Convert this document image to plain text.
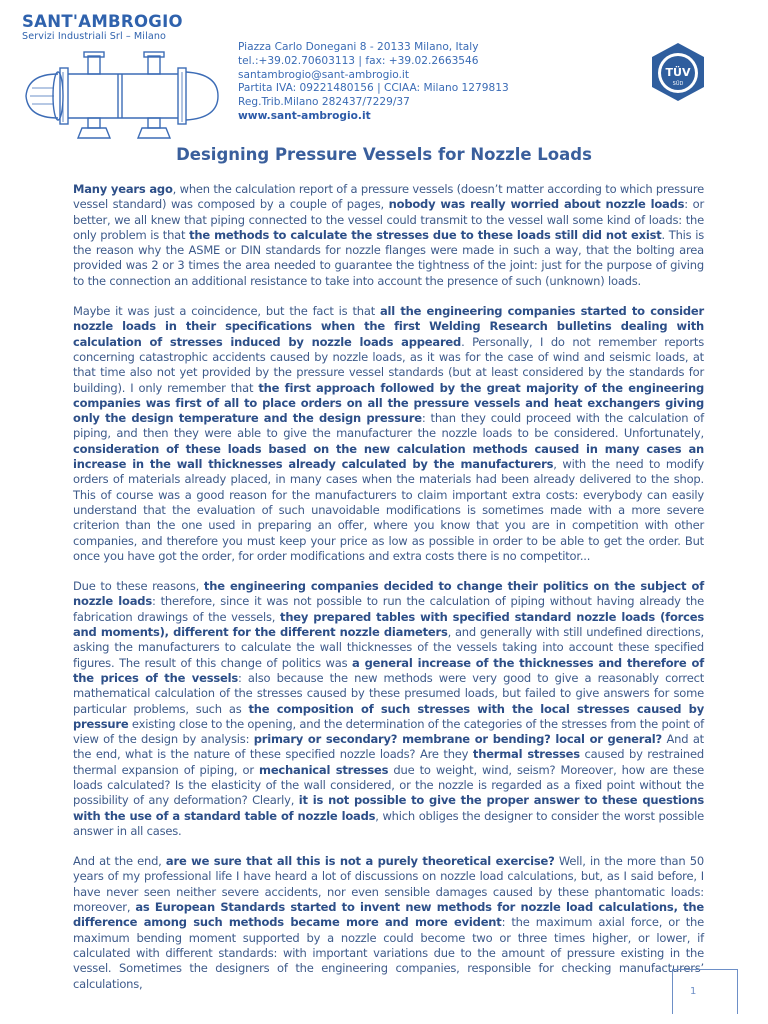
SANT'AMBROGIO
Servizi Industriali Srl – Milano
Piazza Carlo Donegani 8 - 20133 Milano, Italy
tel.:+39.02.70603113 | fax: +39.02.2663546
santambrogio@sant-ambrogio.it
Partita IVA: 09221480156 | CCIAA: Milano 1279813
Reg.Trib.Milano 282437/7229/37
www.sant-ambrogio.it
TÜV
SÜD
Designing Pressure Vessels for Nozzle Loads

Many years ago, when the calculation report of a pressure vessels (doesn’t matter according to which pressure vessel standard) was composed by a couple of pages, nobody was really worried about nozzle loads: or better, we all knew that piping connected to the vessel could transmit to the vessel wall some kind of loads: the only problem is that the methods to calculate the stresses due to these loads still did not exist. This is the reason why the ASME or DIN standards for nozzle flanges were made in such a way, that the bolting area provided was 2 or 3 times the area needed to guarantee the tightness of the joint: just for the purpose of giving to the connection an additional resistance to take into account the presence of such (unknown) loads.

Maybe it was just a coincidence, but the fact is that all the engineering companies started to consider nozzle loads in their specifications when the first Welding Research bulletins dealing with calculation of stresses induced by nozzle loads appeared. Personally, I do not remember reports concerning catastrophic accidents caused by nozzle loads, as it was for the case of wind and seismic loads, at that time also not yet provided by the pressure vessel standards (but at least considered by the standards for building). I only remember that the first approach followed by the great majority of the engineering companies was first of all to place orders on all the pressure vessels and heat exchangers giving only the design temperature and the design pressure: than they could proceed with the calculation of piping, and then they were able to give the manufacturer the nozzle loads to be considered. Unfortunately, consideration of these loads based on the new calculation methods caused in many cases an increase in the wall thicknesses already calculated by the manufacturers, with the need to modify orders of materials already placed, in many cases when the materials had been already delivered to the shop. This of course was a good reason for the manufacturers to claim important extra costs: everybody can easily understand that the evaluation of such unavoidable modifications is sometimes made with a more severe criterion than the one used in preparing an offer, where you know that you are in competition with other companies, and therefore you must keep your price as low as possible in order to be able to get the order. But once you have got the order, for order modifications and extra costs there is no competitor...

Due to these reasons, the engineering companies decided to change their politics on the subject of nozzle loads: therefore, since it was not possible to run the calculation of piping without having already the fabrication drawings of the vessels, they prepared tables with specified standard nozzle loads (forces and moments), different for the different nozzle diameters, and generally with still undefined directions, asking the manufacturers to calculate the wall thicknesses of the vessels taking into account these specified figures. The result of this change of politics was a general increase of the thicknesses and therefore of the prices of the vessels: also because the new methods were very good to give a reasonably correct mathematical calculation of the stresses caused by these presumed loads, but failed to give answers for some particular problems, such as the composition of such stresses with the local stresses caused by pressure existing close to the opening, and the determination of the categories of the stresses from the point of view of the design by analysis: primary or secondary? membrane or bending? local or general? And at the end, what is the nature of these specified nozzle loads? Are they thermal stresses caused by restrained thermal expansion of piping, or mechanical stresses due to weight, wind, seism? Moreover, how are these loads calculated? Is the elasticity of the wall considered, or the nozzle is regarded as a fixed point without the possibility of any deformation? Clearly, it is not possible to give the proper answer to these questions with the use of a standard table of nozzle loads, which obliges the designer to consider the worst possible answer in all cases.

And at the end, are we sure that all this is not a purely theoretical exercise? Well, in the more than 50 years of my professional life I have heard a lot of discussions on nozzle load calculations, but, as I said before, I have never seen neither severe accidents, nor even sensible damages caused by these phantomatic loads: moreover, as European Standards started to invent new methods for nozzle load calculations, the difference among such methods became more and more evident: the maximum axial force, or the maximum bending moment supported by a nozzle could become two or three times higher, or lower, if calculated with different standards: with important variations due to the amount of pressure existing in the vessel. Sometimes the designers of the engineering companies, responsible for checking manufacturers’ calculations,

1
